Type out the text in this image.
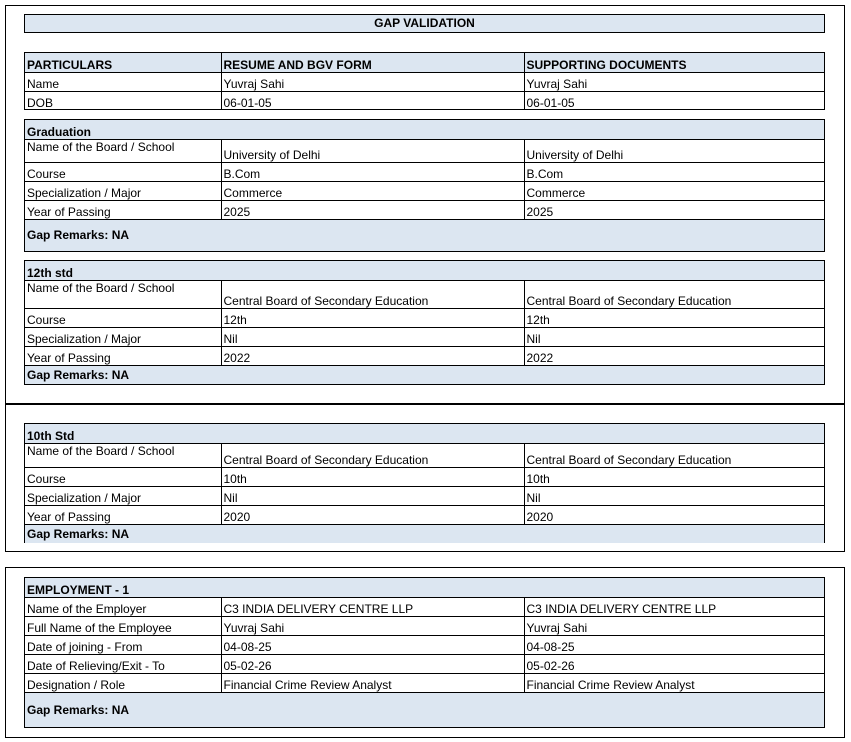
GAP VALIDATION
PARTICULARS	RESUME AND BGV FORM	SUPPORTING DOCUMENTS
Name	Yuvraj Sahi	Yuvraj Sahi
DOB	06-01-05	06-01-05
Graduation		
Name of the Board / School	University of Delhi	University of Delhi
Course	B.Com	B.Com
Specialization / Major	Commerce	Commerce
Year of Passing	2025	2025
Gap Remarks: NA		
12th std		
Name of the Board / School	Central Board of Secondary Education	Central Board of Secondary Education
Course	12th	12th
Specialization / Major	Nil	Nil
Year of Passing	2022	2022
Gap Remarks: NA		
10th Std		
Name of the Board / School	Central Board of Secondary Education	Central Board of Secondary Education
Course	10th	10th
Specialization / Major	Nil	Nil
Year of Passing	2020	2020
Gap Remarks: NA		
EMPLOYMENT - 1		
Name of the Employer	C3 INDIA DELIVERY CENTRE LLP	C3 INDIA DELIVERY CENTRE LLP
Full Name of the Employee	Yuvraj Sahi	Yuvraj Sahi
Date of joining - From	04-08-25	04-08-25
Date of Relieving/Exit - To	05-02-26	05-02-26
Designation / Role	Financial Crime Review Analyst	Financial Crime Review Analyst
Gap Remarks: NA		
